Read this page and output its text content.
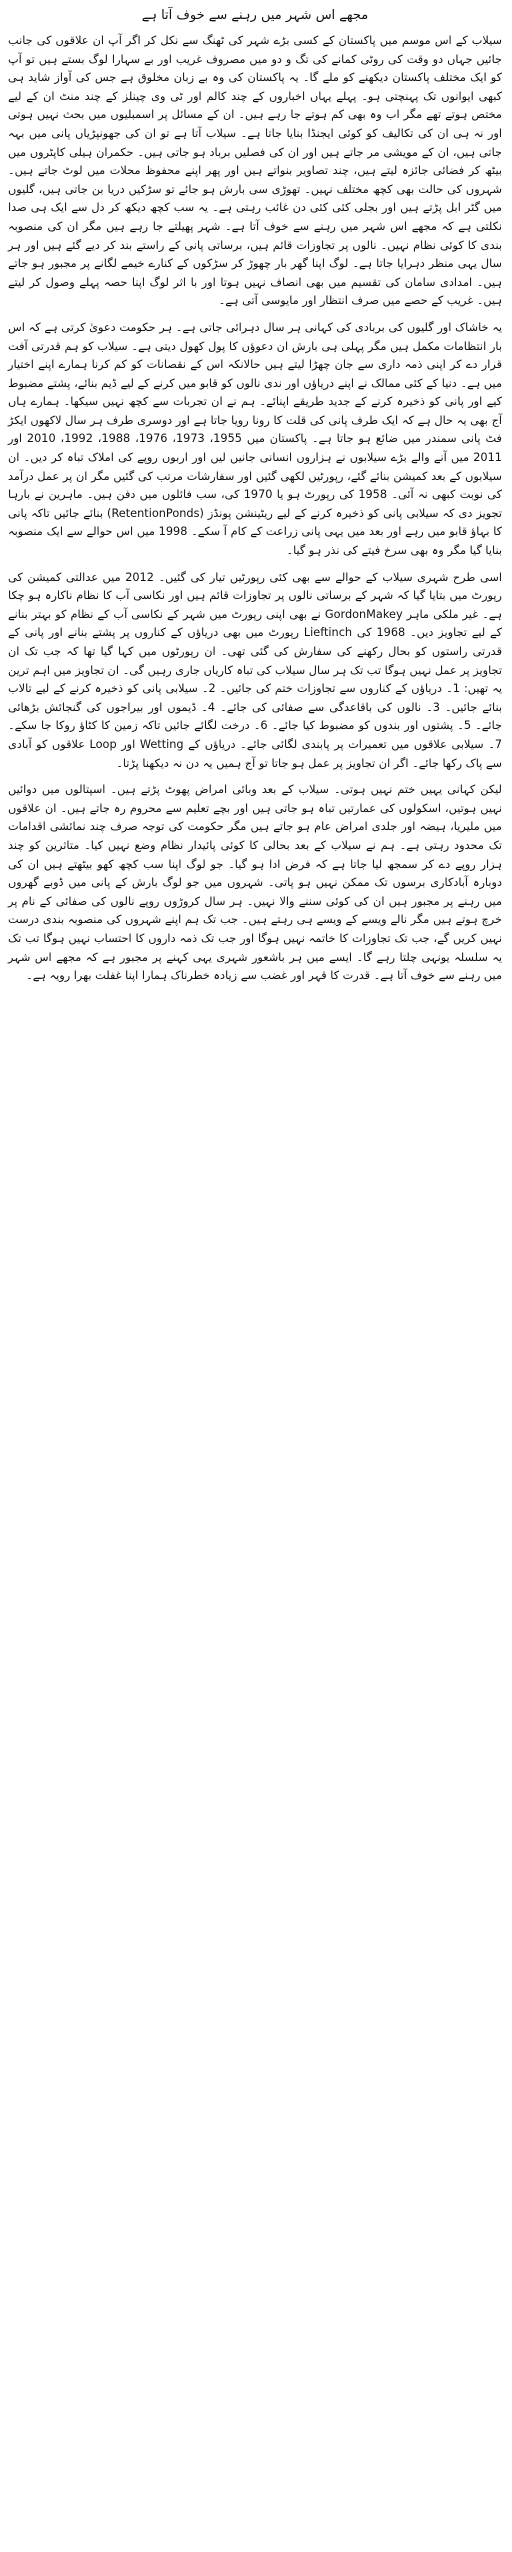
مجھے اس شہر میں رہنے سے خوف آتا ہے

سیلاب کے اس موسم میں پاکستان کے کسی بڑے شہر کی ٹھنگ سے نکل کر اگر آپ ان علاقوں کی جانب جائیں جہاں دو وقت کی روٹی کمانے کی تگ و دو میں مصروف غریب اور بے سہارا لوگ بستے ہیں تو آپ کو ایک مختلف پاکستان دیکھنے کو ملے گا۔ یہ پاکستان کی وہ بے زبان مخلوق ہے جس کی آواز شاید ہی کبھی ایوانوں تک پہنچتی ہو۔ پہلے یہاں اخباروں کے چند کالم اور ٹی وی چینلز کے چند منٹ ان کے لیے مختص ہوتے تھے مگر اب وہ بھی کم ہوتے جا رہے ہیں۔ ان کے مسائل پر اسمبلیوں میں بحث نہیں ہوتی اور نہ ہی ان کی تکالیف کو کوئی ایجنڈا بنایا جاتا ہے۔ سیلاب آتا ہے تو ان کی جھونپڑیاں پانی میں بہہ جاتی ہیں، ان کے مویشی مر جاتے ہیں اور ان کی فصلیں برباد ہو جاتی ہیں۔ حکمران ہیلی کاپٹروں میں بیٹھ کر فضائی جائزہ لیتے ہیں، چند تصاویر بنواتے ہیں اور پھر اپنے محفوظ محلات میں لوٹ جاتے ہیں۔ شہروں کی حالت بھی کچھ مختلف نہیں۔ تھوڑی سی بارش ہو جائے تو سڑکیں دریا بن جاتی ہیں، گلیوں میں گٹر ابل پڑتے ہیں اور بجلی کئی کئی دن غائب رہتی ہے۔ یہ سب کچھ دیکھ کر دل سے ایک ہی صدا نکلتی ہے کہ مجھے اس شہر میں رہنے سے خوف آتا ہے۔ شہر پھیلتے جا رہے ہیں مگر ان کی منصوبہ بندی کا کوئی نظام نہیں۔ نالوں پر تجاوزات قائم ہیں، برساتی پانی کے راستے بند کر دیے گئے ہیں اور ہر سال یہی منظر دہرایا جاتا ہے۔ لوگ اپنا گھر بار چھوڑ کر سڑکوں کے کنارے خیمے لگانے پر مجبور ہو جاتے ہیں۔ امدادی سامان کی تقسیم میں بھی انصاف نہیں ہوتا اور با اثر لوگ اپنا حصہ پہلے وصول کر لیتے ہیں۔ غریب کے حصے میں صرف انتظار اور مایوسی آتی ہے۔

یہ خاشاک اور گلیوں کی بربادی کی کہانی ہر سال دہرائی جاتی ہے۔ ہر حکومت دعویٰ کرتی ہے کہ اس بار انتظامات مکمل ہیں مگر پہلی ہی بارش ان دعوؤں کا پول کھول دیتی ہے۔ سیلاب کو ہم قدرتی آفت قرار دے کر اپنی ذمہ داری سے جان چھڑا لیتے ہیں حالانکہ اس کے نقصانات کو کم کرنا ہمارے اپنے اختیار میں ہے۔ دنیا کے کئی ممالک نے اپنے دریاؤں اور ندی نالوں کو قابو میں کرنے کے لیے ڈیم بنائے، پشتے مضبوط کیے اور پانی کو ذخیرہ کرنے کے جدید طریقے اپنائے۔ ہم نے ان تجربات سے کچھ نہیں سیکھا۔ ہمارے ہاں آج بھی یہ حال ہے کہ ایک طرف پانی کی قلت کا رونا رویا جاتا ہے اور دوسری طرف ہر سال لاکھوں ایکڑ فٹ پانی سمندر میں ضائع ہو جاتا ہے۔ پاکستان میں 1955، 1973، 1976، 1988، 1992، 2010 اور 2011 میں آنے والے بڑے سیلابوں نے ہزاروں انسانی جانیں لیں اور اربوں روپے کی املاک تباہ کر دیں۔ ان سیلابوں کے بعد کمیشن بنائے گئے، رپورٹیں لکھی گئیں اور سفارشات مرتب کی گئیں مگر ان پر عمل درآمد کی نوبت کبھی نہ آئی۔ 1958 کی رپورٹ ہو یا 1970 کی، سب فائلوں میں دفن ہیں۔ ماہرین نے بارہا تجویز دی کہ سیلابی پانی کو ذخیرہ کرنے کے لیے ریٹینشن پونڈز (RetentionPonds) بنائے جائیں تاکہ پانی کا بہاؤ قابو میں رہے اور بعد میں یہی پانی زراعت کے کام آ سکے۔ 1998 میں اس حوالے سے ایک منصوبہ بنایا گیا مگر وہ بھی سرخ فیتے کی نذر ہو گیا۔

اسی طرح شہری سیلاب کے حوالے سے بھی کئی رپورٹیں تیار کی گئیں۔ 2012 میں عدالتی کمیشن کی رپورٹ میں بتایا گیا کہ شہر کے برساتی نالوں پر تجاوزات قائم ہیں اور نکاسی آب کا نظام ناکارہ ہو چکا ہے۔ غیر ملکی ماہر GordonMakey نے بھی اپنی رپورٹ میں شہر کے نکاسی آب کے نظام کو بہتر بنانے کے لیے تجاویز دیں۔ 1968 کی Lieftinch رپورٹ میں بھی دریاؤں کے کناروں پر پشتے بنانے اور پانی کے قدرتی راستوں کو بحال رکھنے کی سفارش کی گئی تھی۔ ان رپورٹوں میں کہا گیا تھا کہ جب تک ان تجاویز پر عمل نہیں ہوگا تب تک ہر سال سیلاب کی تباہ کاریاں جاری رہیں گی۔ ان تجاویز میں اہم ترین یہ تھیں: 1۔ دریاؤں کے کناروں سے تجاوزات ختم کی جائیں۔ 2۔ سیلابی پانی کو ذخیرہ کرنے کے لیے تالاب بنائے جائیں۔ 3۔ نالوں کی باقاعدگی سے صفائی کی جائے۔ 4۔ ڈیموں اور بیراجوں کی گنجائش بڑھائی جائے۔ 5۔ پشتوں اور بندوں کو مضبوط کیا جائے۔ 6۔ درخت لگائے جائیں تاکہ زمین کا کٹاؤ روکا جا سکے۔ 7۔ سیلابی علاقوں میں تعمیرات پر پابندی لگائی جائے۔ دریاؤں کے Wetting اور Loop علاقوں کو آبادی سے پاک رکھا جائے۔ اگر ان تجاویز پر عمل ہو جاتا تو آج ہمیں یہ دن نہ دیکھنا پڑتا۔

لیکن کہانی یہیں ختم نہیں ہوتی۔ سیلاب کے بعد وبائی امراض پھوٹ پڑتے ہیں۔ اسپتالوں میں دوائیں نہیں ہوتیں، اسکولوں کی عمارتیں تباہ ہو جاتی ہیں اور بچے تعلیم سے محروم رہ جاتے ہیں۔ ان علاقوں میں ملیریا، ہیضہ اور جلدی امراض عام ہو جاتے ہیں مگر حکومت کی توجہ صرف چند نمائشی اقدامات تک محدود رہتی ہے۔ ہم نے سیلاب کے بعد بحالی کا کوئی پائیدار نظام وضع نہیں کیا۔ متاثرین کو چند ہزار روپے دے کر سمجھ لیا جاتا ہے کہ فرض ادا ہو گیا۔ جو لوگ اپنا سب کچھ کھو بیٹھتے ہیں ان کی دوبارہ آبادکاری برسوں تک ممکن نہیں ہو پاتی۔ شہروں میں جو لوگ بارش کے پانی میں ڈوبے گھروں میں رہنے پر مجبور ہیں ان کی کوئی سننے والا نہیں۔ ہر سال کروڑوں روپے نالوں کی صفائی کے نام پر خرچ ہوتے ہیں مگر نالے ویسے کے ویسے ہی رہتے ہیں۔ جب تک ہم اپنے شہروں کی منصوبہ بندی درست نہیں کریں گے، جب تک تجاوزات کا خاتمہ نہیں ہوگا اور جب تک ذمہ داروں کا احتساب نہیں ہوگا تب تک یہ سلسلہ یونہی چلتا رہے گا۔ ایسے میں ہر باشعور شہری یہی کہنے پر مجبور ہے کہ مجھے اس شہر میں رہنے سے خوف آتا ہے۔ قدرت کا قہر اور غضب سے زیادہ خطرناک ہمارا اپنا غفلت بھرا رویہ ہے۔
